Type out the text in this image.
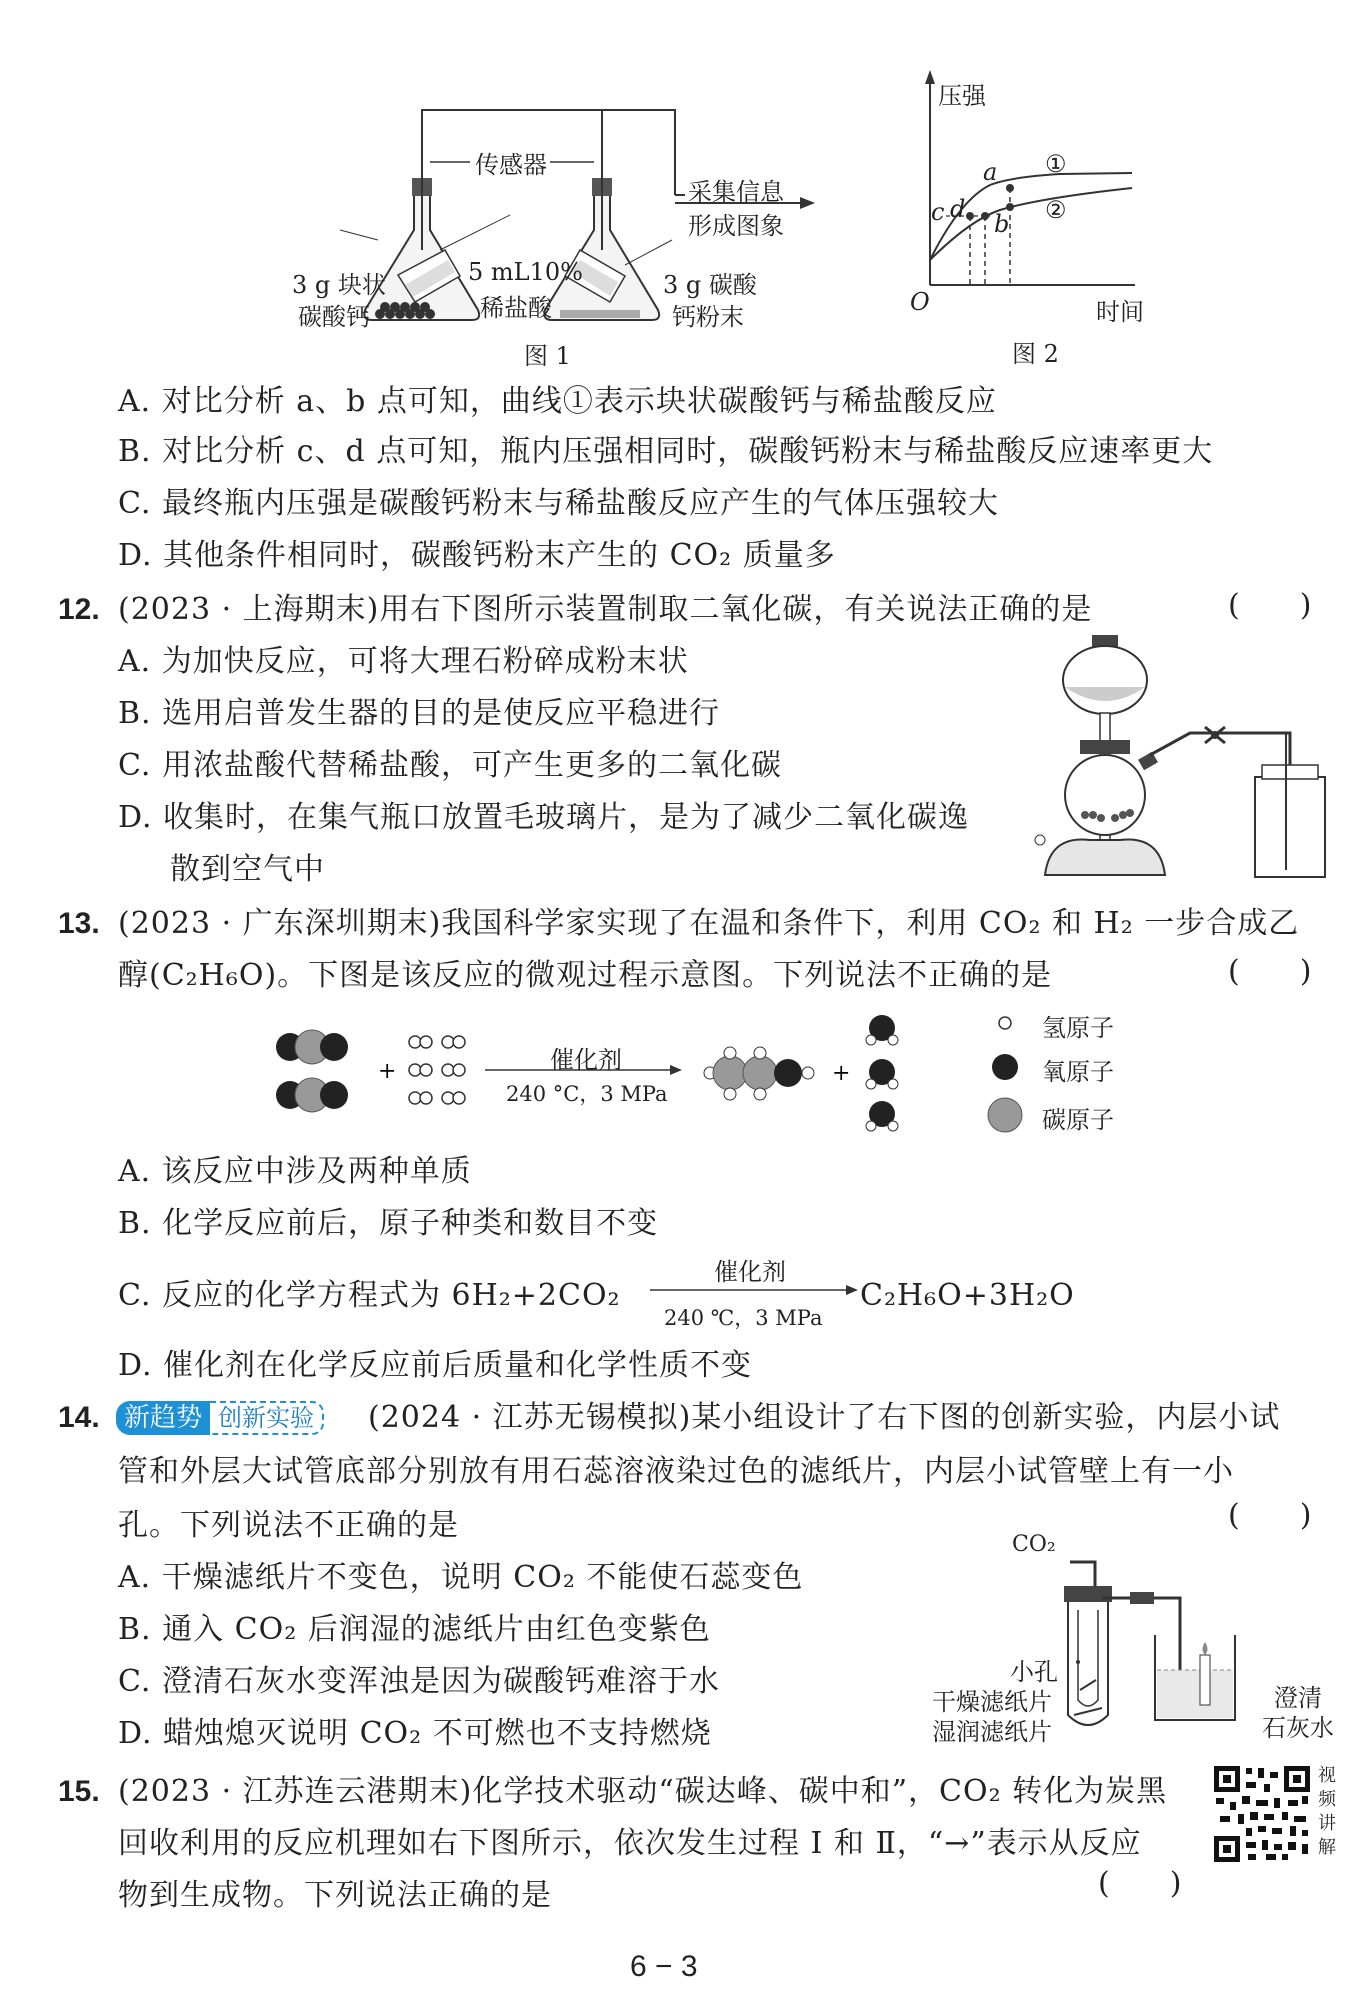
传感器
采集信息
形成图象
3 g 块状
碳酸钙
5 mL10%
稀盐酸
3 g 碳酸
钙粉末
图 1
压强
时间
O
a
b
c d
①
②
图 2
A. 对比分析 a、b 点可知，曲线①表示块状碳酸钙与稀盐酸反应
B. 对比分析 c、d 点可知，瓶内压强相同时，碳酸钙粉末与稀盐酸反应速率更大
C. 最终瓶内压强是碳酸钙粉末与稀盐酸反应产生的气体压强较大
D. 其他条件相同时，碳酸钙粉末产生的 CO₂ 质量多
12. (2023 · 上海期末)用右下图所示装置制取二氧化碳，有关说法正确的是	(　　)
A. 为加快反应，可将大理石粉碎成粉末状
B. 选用启普发生器的目的是使反应平稳进行
C. 用浓盐酸代替稀盐酸，可产生更多的二氧化碳
D. 收集时，在集气瓶口放置毛玻璃片，是为了减少二氧化碳逸
散到空气中
13. (2023 · 广东深圳期末)我国科学家实现了在温和条件下，利用 CO₂ 和 H₂ 一步合成乙
醇(C₂H₆O)。下图是该反应的微观过程示意图。下列说法不正确的是	(　　)
+	+
催化剂
240 °C，3 MPa
氢原子
氧原子
碳原子
A. 该反应中涉及两种单质
B. 化学反应前后，原子种类和数目不变
C. 反应的化学方程式为 6H₂+2CO₂
催化剂
240 ℃，3 MPa
C₂H₆O+3H₂O
D. 催化剂在化学反应前后质量和化学性质不变
14. 新趋势 创新实验	(2024 · 江苏无锡模拟)某小组设计了右下图的创新实验，内层小试
管和外层大试管底部分别放有用石蕊溶液染过色的滤纸片，内层小试管壁上有一小
孔。下列说法不正确的是	(　　)
A. 干燥滤纸片不变色，说明 CO₂ 不能使石蕊变色
B. 通入 CO₂ 后润湿的滤纸片由红色变紫色
C. 澄清石灰水变浑浊是因为碳酸钙难溶于水
D. 蜡烛熄灭说明 CO₂ 不可燃也不支持燃烧
CO₂
小孔
干燥滤纸片
湿润滤纸片
澄清
石灰水
15. (2023 · 江苏连云港期末)化学技术驱动“碳达峰、碳中和”，CO₂ 转化为炭黑
回收利用的反应机理如右下图所示，依次发生过程 Ⅰ 和 Ⅱ，“→”表示从反应
物到生成物。下列说法正确的是	(　　)
视频讲解
6 − 3
